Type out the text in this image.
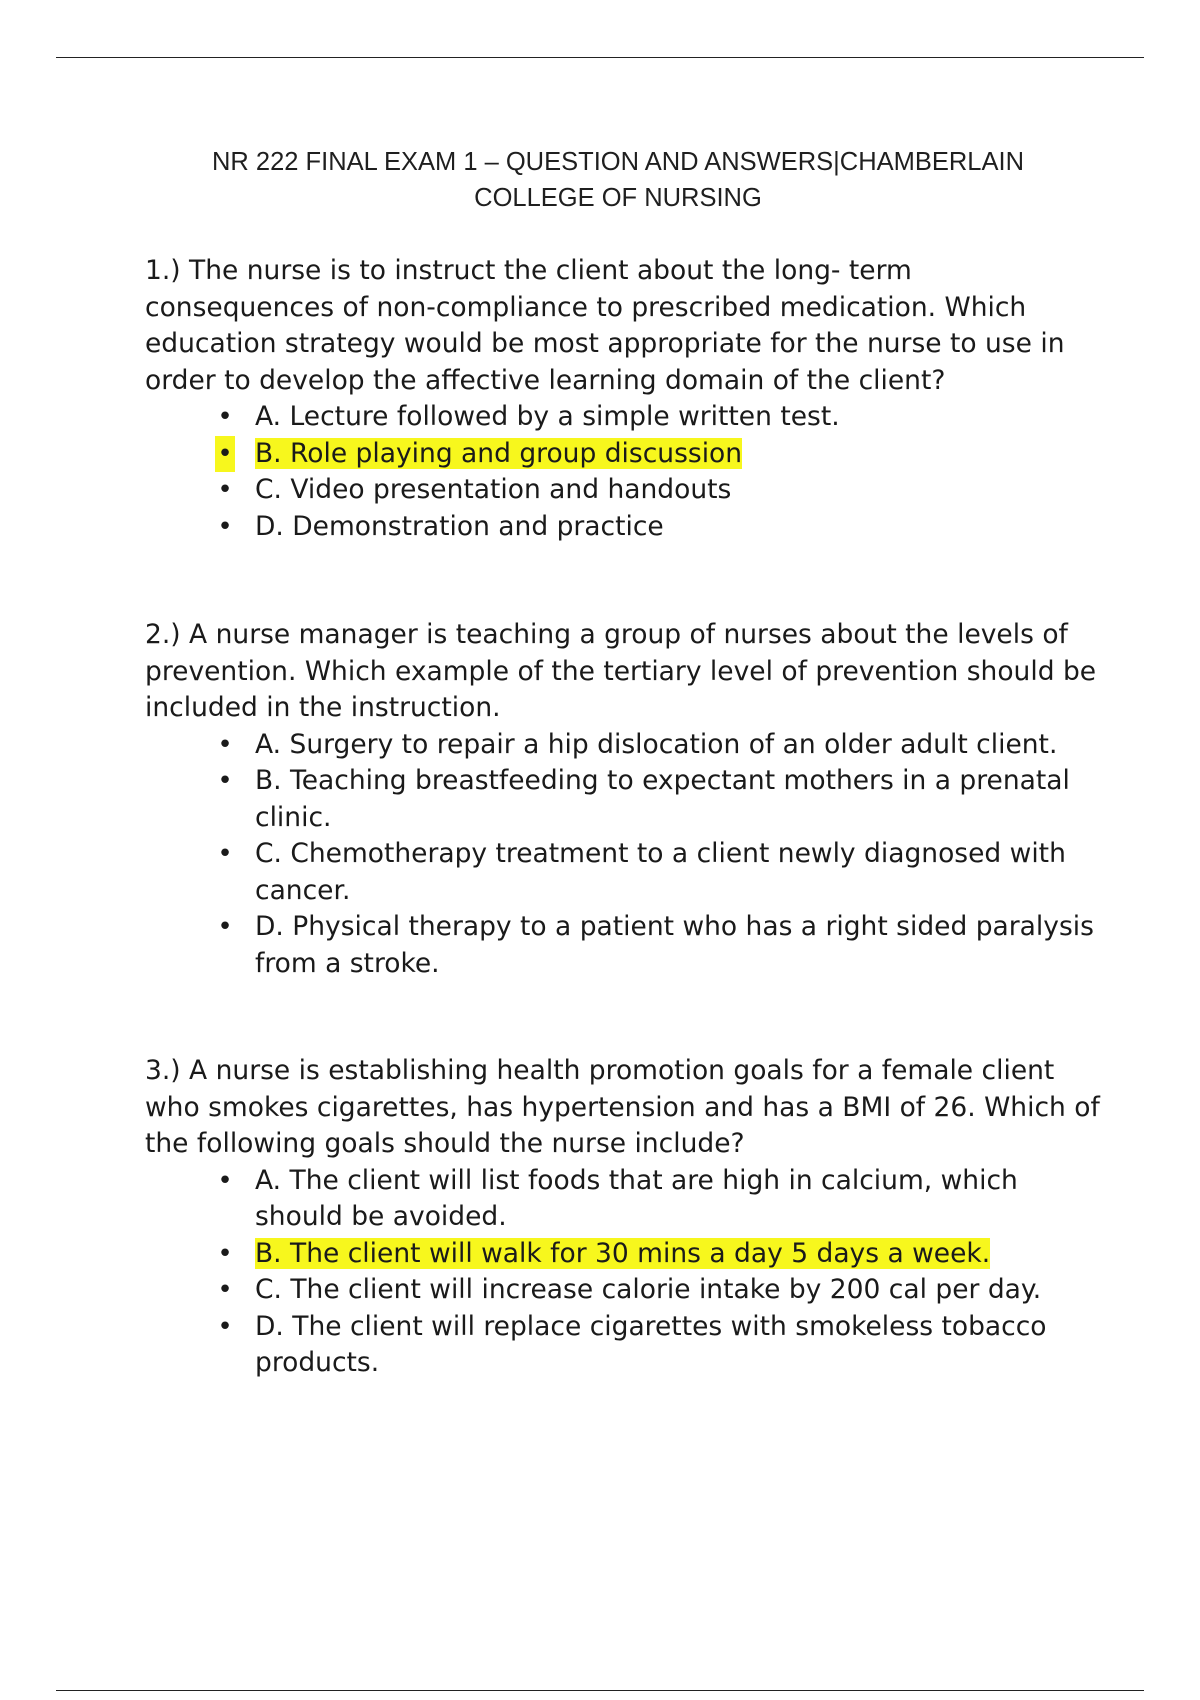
NR 222 FINAL EXAM 1 – QUESTION AND ANSWERS|CHAMBERLAIN
COLLEGE OF NURSING

1.) The nurse is to instruct the client about the long- term consequences of non-compliance to prescribed medication. Which education strategy would be most appropriate for the nurse to use in order to develop the affective learning domain of the client?

• A. Lecture followed by a simple written test.
• B. Role playing and group discussion
• C. Video presentation and handouts
• D. Demonstration and practice

2.) A nurse manager is teaching a group of nurses about the levels of prevention. Which example of the tertiary level of prevention should be included in the instruction.

• A. Surgery to repair a hip dislocation of an older adult client.
• B. Teaching breastfeeding to expectant mothers in a prenatal clinic.
• C. Chemotherapy treatment to a client newly diagnosed with cancer.
• D. Physical therapy to a patient who has a right sided paralysis from a stroke.

3.) A nurse is establishing health promotion goals for a female client who smokes cigarettes, has hypertension and has a BMI of 26. Which of the following goals should the nurse include?

• A. The client will list foods that are high in calcium, which should be avoided.
• B. The client will walk for 30 mins a day 5 days a week.
• C. The client will increase calorie intake by 200 cal per day.
• D. The client will replace cigarettes with smokeless tobacco products.
